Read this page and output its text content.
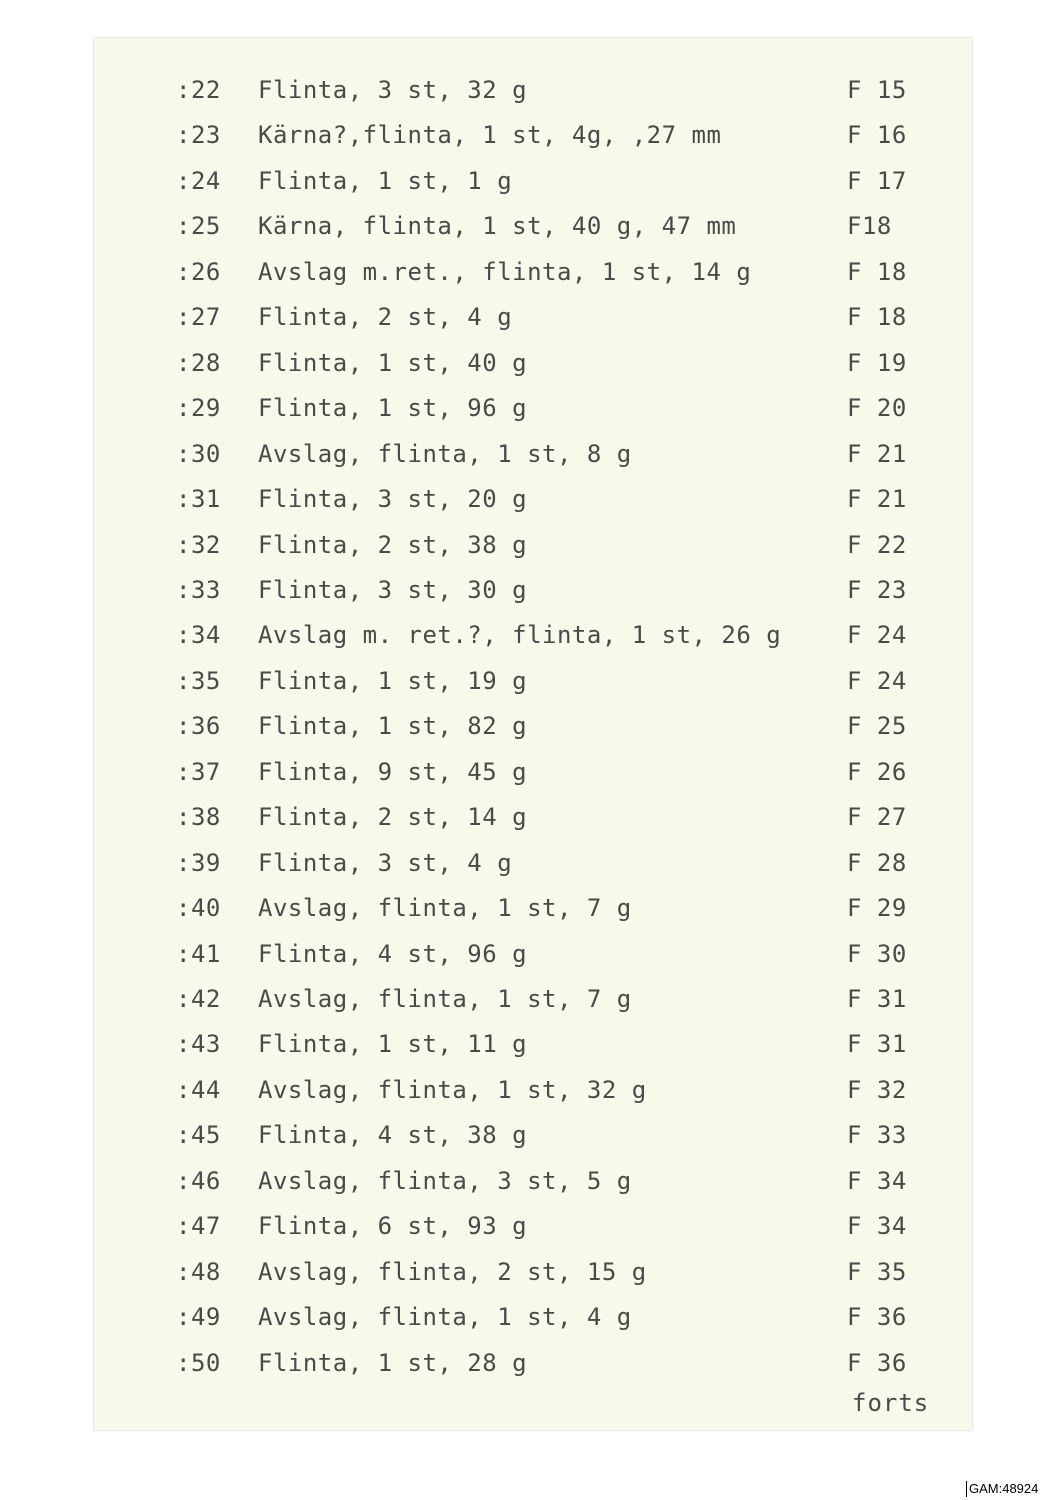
:22 Flinta, 3 st, 32 g	F 15
:23 Kärna?,flinta, 1 st, 4g, ,27 mm	F 16
:24 Flinta, 1 st, 1 g	F 17
:25 Kärna, flinta, 1 st, 40 g, 47 mm	F18
:26 Avslag m.ret., flinta, 1 st, 14 g	F 18
:27 Flinta, 2 st, 4 g	F 18
:28 Flinta, 1 st, 40 g	F 19
:29 Flinta, 1 st, 96 g	F 20
:30 Avslag, flinta, 1 st, 8 g	F 21
:31 Flinta, 3 st, 20 g	F 21
:32 Flinta, 2 st, 38 g	F 22
:33 Flinta, 3 st, 30 g	F 23
:34 Avslag m. ret.?, flinta, 1 st, 26 g	F 24
:35 Flinta, 1 st, 19 g	F 24
:36 Flinta, 1 st, 82 g	F 25
:37 Flinta, 9 st, 45 g	F 26
:38 Flinta, 2 st, 14 g	F 27
:39 Flinta, 3 st, 4 g	F 28
:40 Avslag, flinta, 1 st, 7 g	F 29
:41 Flinta, 4 st, 96 g	F 30
:42 Avslag, flinta, 1 st, 7 g	F 31
:43 Flinta, 1 st, 11 g	F 31
:44 Avslag, flinta, 1 st, 32 g	F 32
:45 Flinta, 4 st, 38 g	F 33
:46 Avslag, flinta, 3 st, 5 g	F 34
:47 Flinta, 6 st, 93 g	F 34
:48 Avslag, flinta, 2 st, 15 g	F 35
:49 Avslag, flinta, 1 st, 4 g	F 36
:50 Flinta, 1 st, 28 g	F 36
forts
GAM:48924
